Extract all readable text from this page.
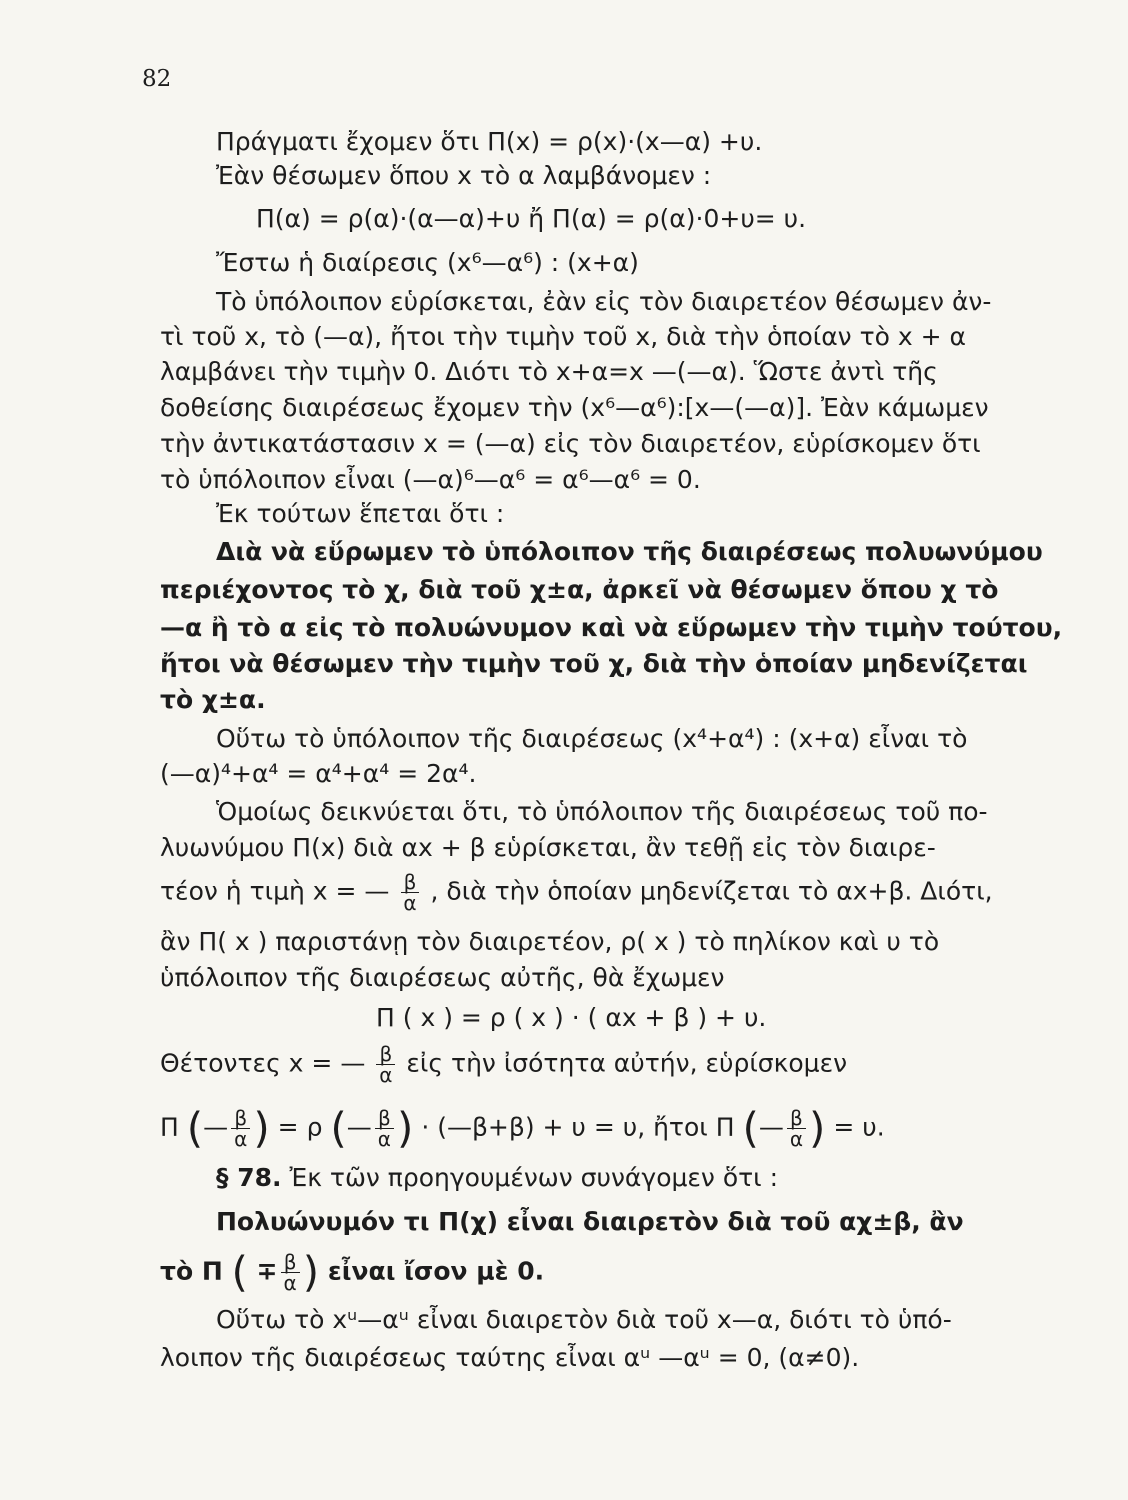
82
Πράγματι ἔχομεν ὅτι Π(x) = ρ(x)·(x—α) +υ.
Ἐὰν θέσωμεν ὅπου x τὸ α λαμβάνομεν :
Π(α) = ρ(α)·(α—α)+υ ἤ Π(α) = ρ(α)·0+υ= υ.
Ἔστω ἡ διαίρεσις (x⁶—α⁶) : (x+α)
Τὸ ὑπόλοιπον εὑρίσκεται, ἐὰν εἰς τὸν διαιρετέον θέσωμεν ἀν-
τὶ τοῦ x, τὸ (—α), ἤτοι τὴν τιμὴν τοῦ x, διὰ τὴν ὁποίαν τὸ x + α
λαμβάνει τὴν τιμὴν 0. Διότι τὸ x+α=x —(—α). Ὥστε ἀντὶ τῆς
δοθείσης διαιρέσεως ἔχομεν τὴν (x⁶—α⁶):[x—(—α)]. Ἐὰν κάμωμεν
τὴν ἀντικατάστασιν x = (—α) εἰς τὸν διαιρετέον, εὑρίσκομεν ὅτι
τὸ ὑπόλοιπον εἶναι (—α)⁶—α⁶ = α⁶—α⁶ = 0.
Ἐκ τούτων ἕπεται ὅτι :
Διὰ νὰ εὕρωμεν τὸ ὑπόλοιπον τῆς διαιρέσεως πολυωνύμου
περιέχοντος τὸ χ, διὰ τοῦ χ±α, ἀρκεῖ νὰ θέσωμεν ὅπου χ τὸ
—α ἢ τὸ α εἰς τὸ πολυώνυμον καὶ νὰ εὕρωμεν τὴν τιμὴν τούτου,
ἤτοι νὰ θέσωμεν τὴν τιμὴν τοῦ χ, διὰ τὴν ὁποίαν μηδενίζεται
τὸ χ±α.
Οὕτω τὸ ὑπόλοιπον τῆς διαιρέσεως (x⁴+α⁴) : (x+α) εἶναι τὸ
(—α)⁴+α⁴ = α⁴+α⁴ = 2α⁴.
Ὁμοίως δεικνύεται ὅτι, τὸ ὑπόλοιπον τῆς διαιρέσεως τοῦ πο-
λυωνύμου Π(x) διὰ αx + β εὑρίσκεται, ἂν τεθῇ εἰς τὸν διαιρε-
τέον ἡ τιμὴ x = — $\frac{\beta}{\alpha}$ , διὰ τὴν ὁποίαν μηδενίζεται τὸ αx+β. Διότι,
ἂν Π( x ) παριστάνῃ τὸν διαιρετέον, ρ( x ) τὸ πηλίκον καὶ υ τὸ
ὑπόλοιπον τῆς διαιρέσεως αὐτῆς, θὰ ἔχωμεν
Π ( x ) = ρ ( x ) · ( αx + β ) + υ.
Θέτοντες x = — $\frac{\beta}{\alpha}$ εἰς τὴν ἰσότητα αὐτήν, εὑρίσκομεν
Π (— $\frac{\beta}{\alpha}$ ) = ρ (— $\frac{\beta}{\alpha}$ ) · (—β+β) + υ = υ, ἤτοι Π (— $\frac{\beta}{\alpha}$ ) = υ.
§ 78. Ἐκ τῶν προηγουμένων συνάγομεν ὅτι :
Πολυώνυμόν τι Π(χ) εἶναι διαιρετὸν διὰ τοῦ αχ±β, ἂν
τὸ Π ( ∓ $\frac{\beta}{\alpha}$ ) εἶναι ἴσον μὲ 0.
Οὕτω τὸ xᵘ—αᵘ εἶναι διαιρετὸν διὰ τοῦ x—α, διότι τὸ ὑπό-
λοιπον τῆς διαιρέσεως ταύτης εἶναι αᵘ —αᵘ = 0, (α≠0).
